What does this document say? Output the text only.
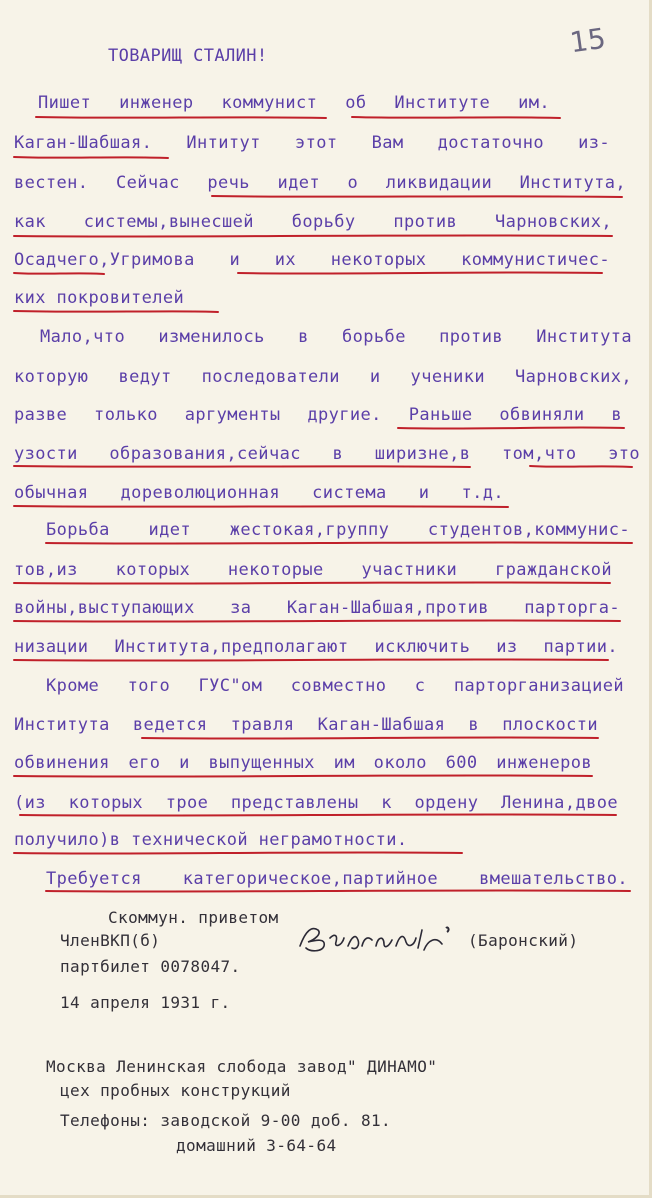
15
ТОВАРИЩ СТАЛИН!
Пишет инженер коммунист об Институте им.
Каган-Шабшая. Интитут этот Вам достаточно из-
вестен. Сейчас речь идет о ликвидации Института,
как системы,вынесшей борьбу против Чарновских,
Осадчего,Угримова и их некоторых коммунистичес-
ких покровителей
Мало,что изменилось в борьбе против Института
которую ведут последователи и ученики Чарновских,
разве только аргументы другие. Раньше обвиняли в
узости образования,сейчас в ширизне,в том,что это
обычная дореволюционная система и т.д.
Борьба идет жестокая,группу студентов,коммунис-
тов,из которых некоторые участники гражданской
войны,выступающих за Каган-Шабшая,против парторга-
низации Института,предполагают исключить из партии.
Кроме того ГУС"ом совместно с парторганизацией
Института ведется травля Каган-Шабшая в плоскости
обвинения его и выпущенных им около 600 инженеров
(из которых трое представлены к ордену Ленина,двое
получило)в технической неграмотности.
Требуется категорическое,партийное вмешательство.
Скоммун. приветом
ЧленВКП(б)	(Баронский)
партбилет 0078047.
14 апреля 1931 г.
Москва Ленинская слобода завод" ДИНАМО"
цех пробных конструкций
Телефоны: заводской 9-00 доб. 81.
домашний 3-64-64
